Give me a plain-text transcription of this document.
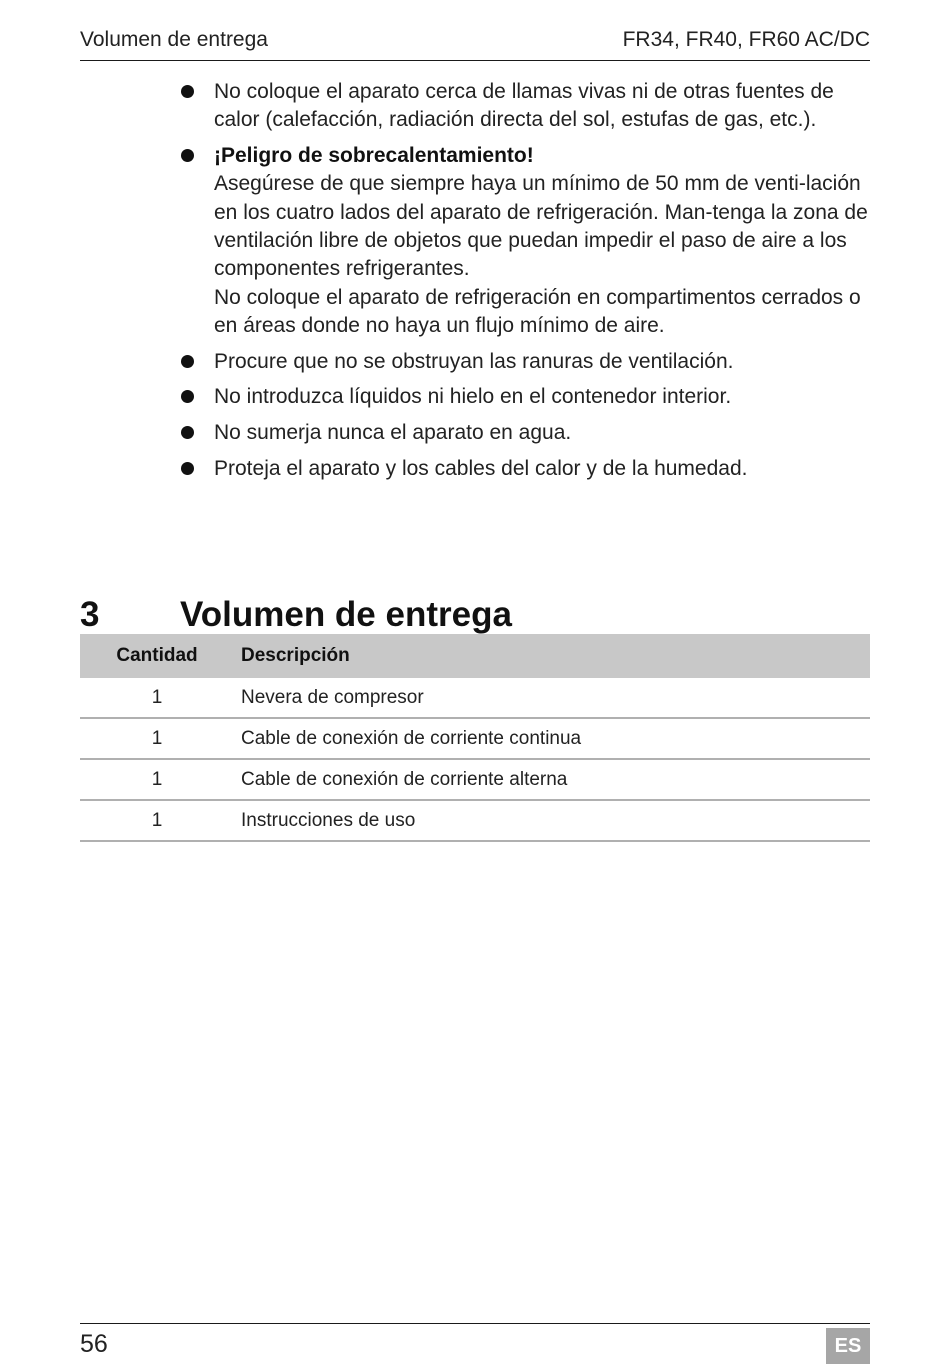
Volumen de entrega	FR34, FR40, FR60 AC/DC
No coloque el aparato cerca de llamas vivas ni de otras fuentes de calor (calefacción, radiación directa del sol, estufas de gas, etc.).
¡Peligro de sobrecalentamiento!
Asegúrese de que siempre haya un mínimo de 50 mm de venti-lación en los cuatro lados del aparato de refrigeración. Man-tenga la zona de ventilación libre de objetos que puedan impedir el paso de aire a los componentes refrigerantes.
No coloque el aparato de refrigeración en compartimentos cerrados o en áreas donde no haya un flujo mínimo de aire.
Procure que no se obstruyan las ranuras de ventilación.
No introduzca líquidos ni hielo en el contenedor interior.
No sumerja nunca el aparato en agua.
Proteja el aparato y los cables del calor y de la humedad.
3	Volumen de entrega
Cantidad	Descripción
1	Nevera de compresor
1	Cable de conexión de corriente continua
1	Cable de conexión de corriente alterna
1	Instrucciones de uso
56	ES
